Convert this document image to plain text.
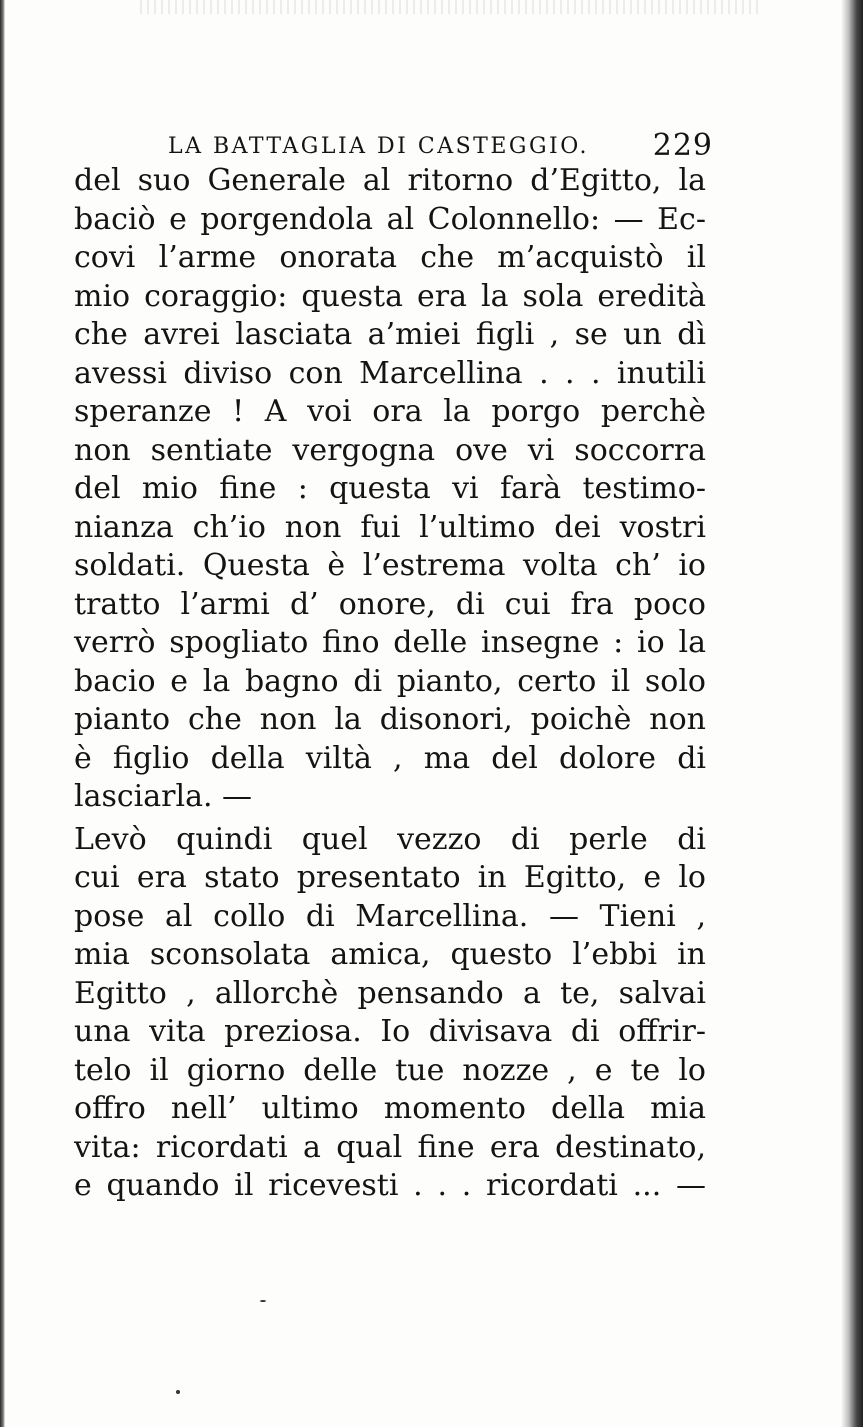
LA BATTAGLIA DI CASTEGGIO. 229
del suo Generale al ritorno d’Egitto, la
baciò e porgendola al Colonnello: — Ec-
covi l’arme onorata che m’acquistò il
mio coraggio: questa era la sola eredità
che avrei lasciata a’miei figli , se un dì
avessi diviso con Marcellina . . . inutili
speranze ! A voi ora la porgo perchè
non sentiate vergogna ove vi soccorra
del mio fine : questa vi farà testimo-
nianza ch’io non fui l’ultimo dei vostri
soldati. Questa è l’estrema volta ch’ io
tratto l’armi d’ onore, di cui fra poco
verrò spogliato fino delle insegne : io la
bacio e la bagno di pianto, certo il solo
pianto che non la disonori, poichè non
è figlio della viltà , ma del dolore di
lasciarla. —
Levò quindi quel vezzo di perle di
cui era stato presentato in Egitto, e lo
pose al collo di Marcellina. — Tieni ,
mia sconsolata amica, questo l’ebbi in
Egitto , allorchè pensando a te, salvai
una vita preziosa. Io divisava di offrir-
telo il giorno delle tue nozze , e te lo
offro nell’ ultimo momento della mia
vita: ricordati a qual fine era destinato,
e quando il ricevesti . . . ricordati ... —
